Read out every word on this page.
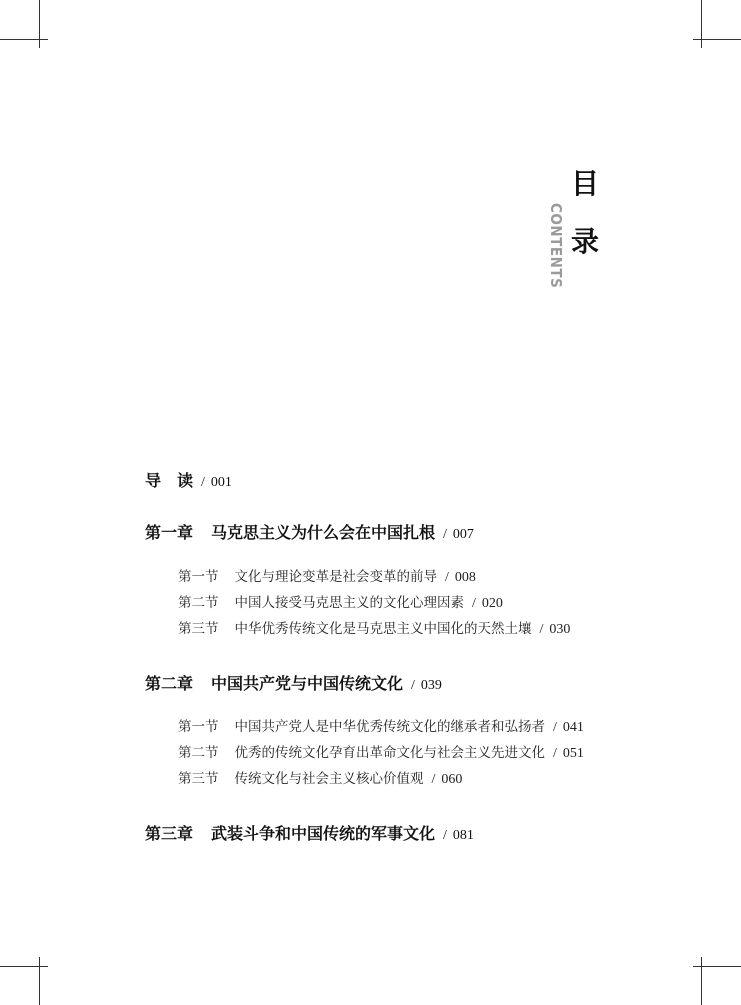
目
录
CONTENTS
导　读 / 001
第一章 马克思主义为什么会在中国扎根 / 007
第一节 文化与理论变革是社会变革的前导 / 008
第二节 中国人接受马克思主义的文化心理因素 / 020
第三节 中华优秀传统文化是马克思主义中国化的天然土壤 / 030
第二章 中国共产党与中国传统文化 / 039
第一节 中国共产党人是中华优秀传统文化的继承者和弘扬者 / 041
第二节 优秀的传统文化孕育出革命文化与社会主义先进文化 / 051
第三节 传统文化与社会主义核心价值观 / 060
第三章 武装斗争和中国传统的军事文化 / 081
